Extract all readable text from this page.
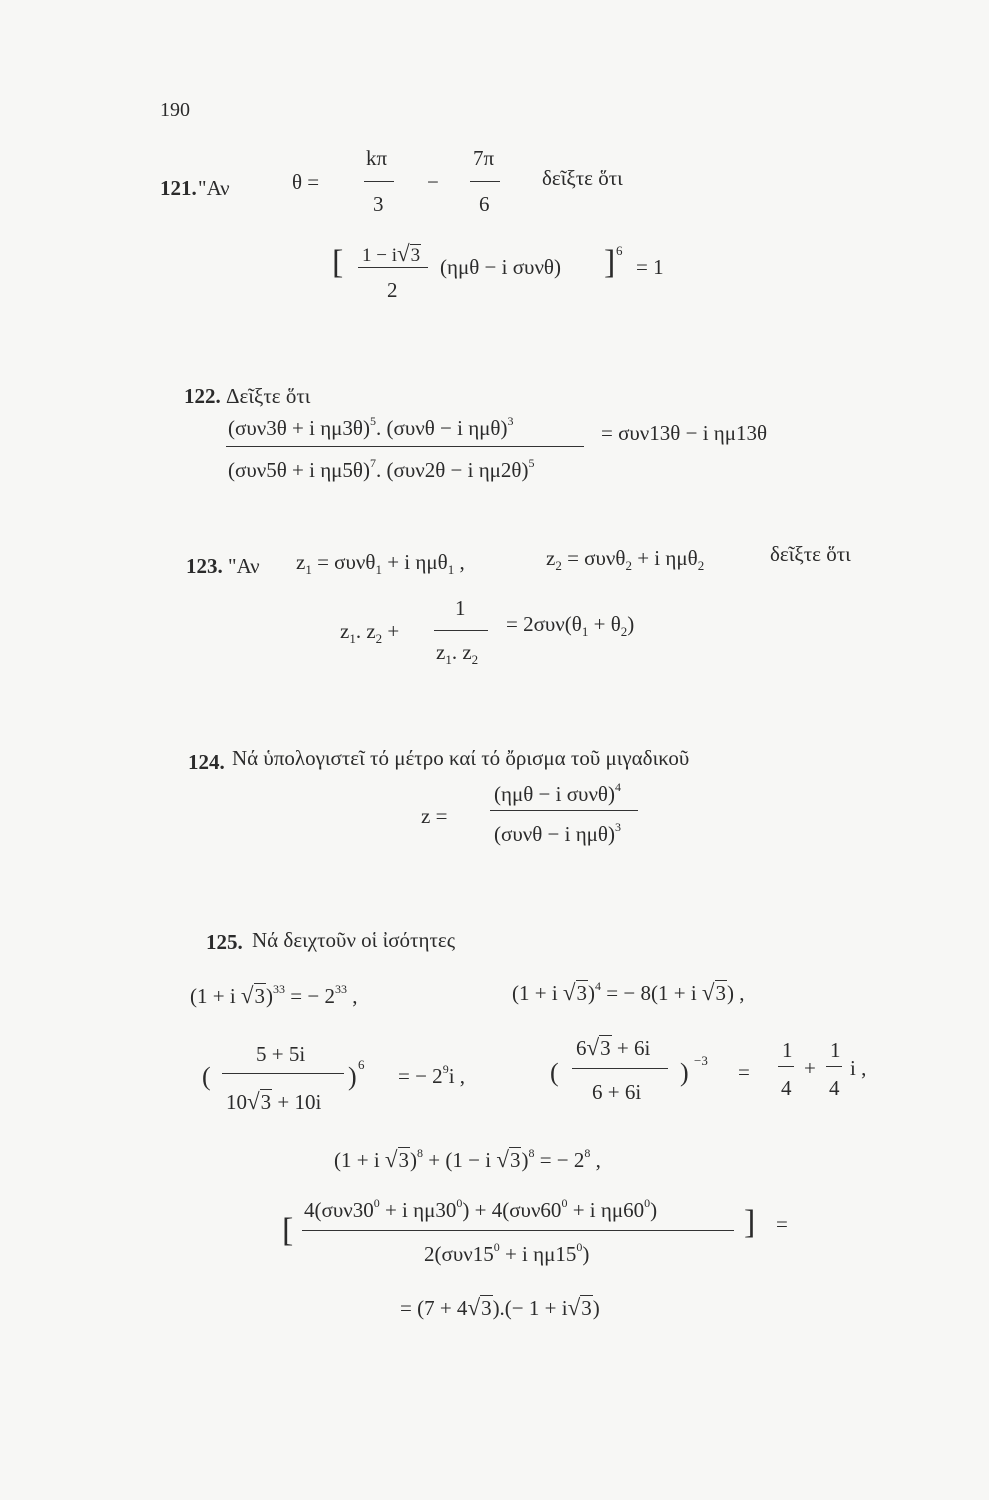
190
121. "Αν	θ =
kπ
3
−
7π
6
δεῖξτε ὅτι
[ 1 − i√3
2
(ημθ − i συνθ) ] 6
= 1
122. Δεῖξτε ὅτι
(συν3θ + i ημ3θ)$^5$. (συνθ − i ημθ)$^3$
(συν5θ + i ημ5θ)$^7$. (συν2θ − i ημ2θ)$^5$
= συν13θ − i ημ13θ
123. "Αν $z_1 = \sigma\upsilon\nu\theta_1 + i$ ημθ$_1$ ,	$z_2 = \sigma\upsilon\nu\theta_2 + i$ ημθ$_2$	δεῖξτε ὅτι
$z_1$. $z_2$ +
1
$z_1$. $z_2$
= $2\sigma\upsilon\nu(\theta_1 + \theta_2)$
124. Νά ὑπολογιστεῖ τό μέτρο καί τό ὄρισμα τοῦ μιγαδικοῦ
z =
(ημθ − i συνθ)$^4$
(συνθ − i ημθ)$^3$
125. Νά δειχτοῦν οἱ ἰσότητες
(1 + i √3)$^{33}$ = − $2^{33}$ ,	(1 + i √3)$^4$ = − 8(1 + i √3) ,
(
5 + 5i
10√3 + 10i
) 6 = − $2^9i$ ,	(
6√3 + 6i
6 + 6i
) −3 =
1
4
+
1
4
i ,
(1 + i √3)$^8$ + (1 − i √3)$^8$ = − $2^8$ ,
[
$4(\sigma\upsilon\nu 30^0 + i$ $\eta\mu 30^0) + 4(\sigma\upsilon\nu 60^0 + i$ $\eta\mu 60^0$)
$2(\sigma\upsilon\nu 15^0 + i$ $\eta\mu 15^0$)
] =
= (7 + 4√3).(− 1 + i√3)
